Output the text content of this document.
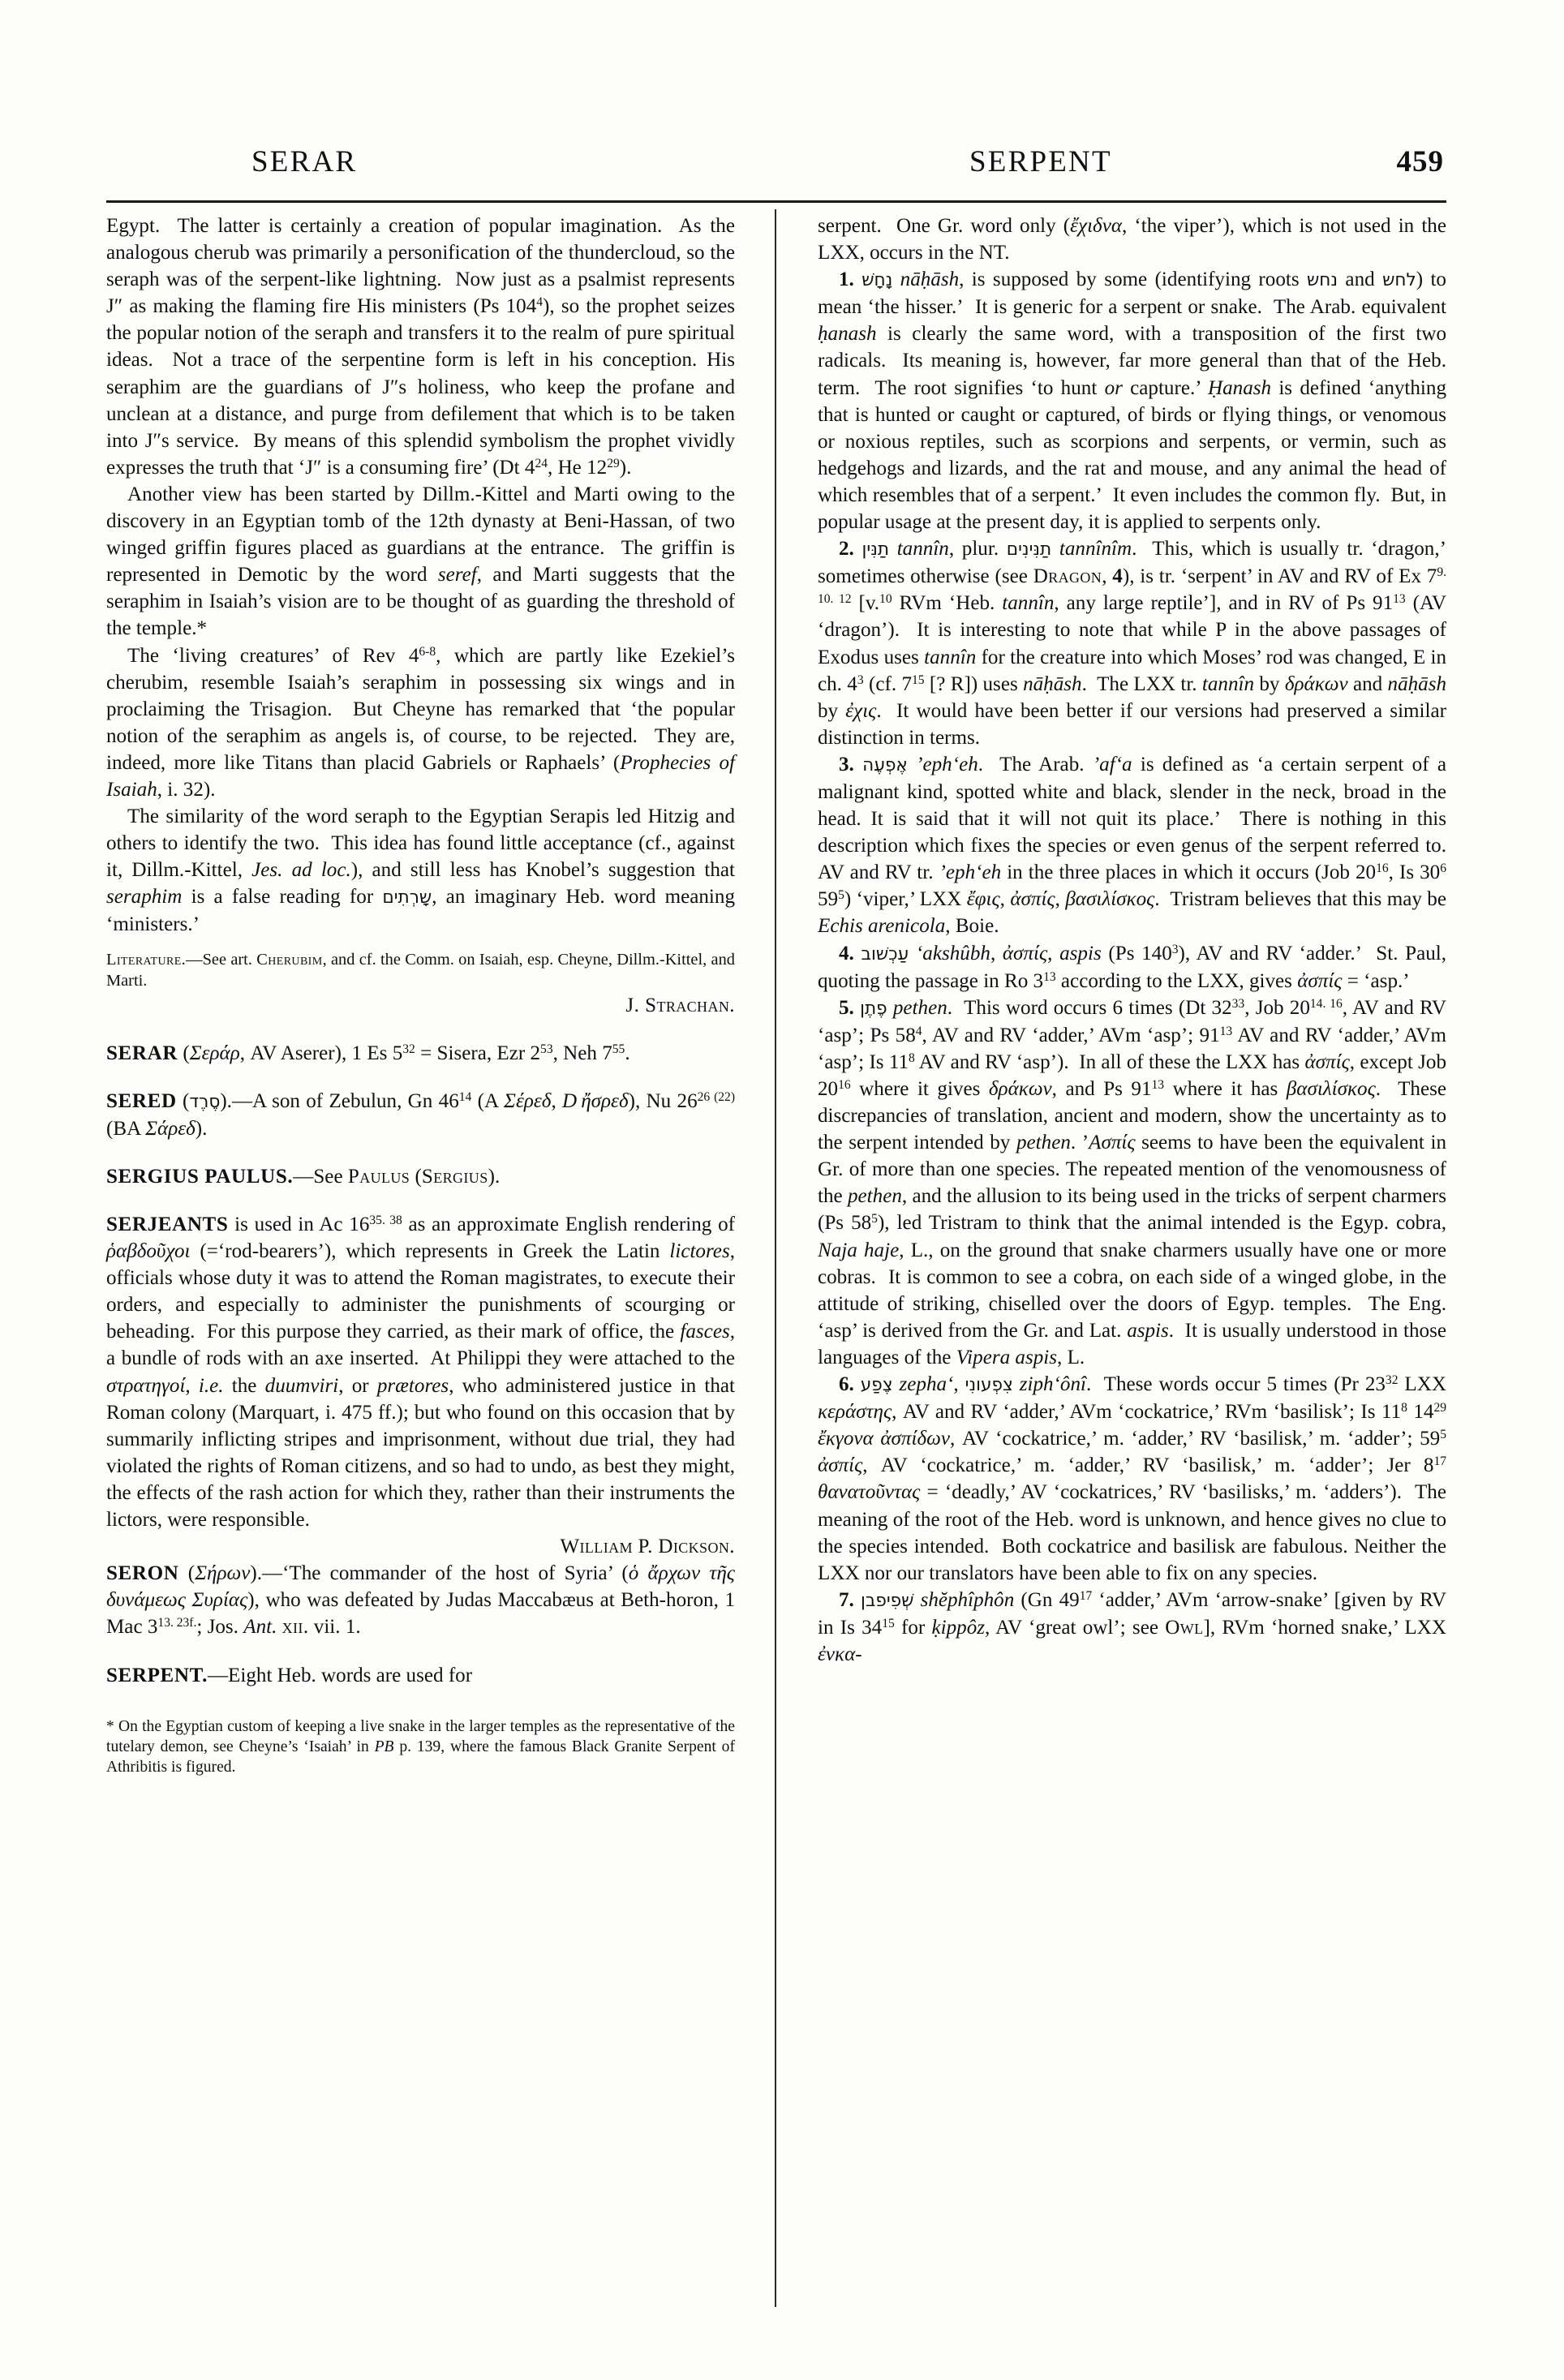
SERAR	SERPENT	459

Egypt.  The latter is certainly a creation of popular imagination.  As the analogous cherub was primarily a personification of the thundercloud, so the seraph was of the serpent-like lightning.  Now just as a psalmist represents J″ as making the flaming fire His ministers (Ps $104^4$), so the prophet seizes the popular notion of the seraph and transfers it to the realm of pure spiritual ideas.  Not a trace of the serpentine form is left in his conception. His seraphim are the guardians of J″s holiness, who keep the profane and unclean at a distance, and purge from defilement that which is to be taken into J″s service.  By means of this splendid symbolism the prophet vividly expresses the truth that ‘J″ is a consuming fire’ (Dt $4^{24}$, He $12^{29}$).

Another view has been started by Dillm.-Kittel and Marti owing to the discovery in an Egyptian tomb of the 12th dynasty at Beni-Hassan, of two winged griffin figures placed as guardians at the entrance.  The griffin is represented in Demotic by the word seref, and Marti suggests that the seraphim in Isaiah’s vision are to be thought of as guarding the threshold of the temple.*

The ‘living creatures’ of Rev 4$^{6-8}$, which are partly like Ezekiel’s cherubim, resemble Isaiah’s seraphim in possessing six wings and in proclaiming the Trisagion.  But Cheyne has remarked that ‘the popular notion of the seraphim as angels is, of course, to be rejected.  They are, indeed, more like Titans than placid Gabriels or Raphaels’ (Prophecies of Isaiah, i. 32).

The similarity of the word seraph to the Egyptian Serapis led Hitzig and others to identify the two.  This idea has found little acceptance (cf., against it, Dillm.-Kittel, Jes. ad loc.), and still less has Knobel’s suggestion that seraphim is a false reading for שָרְתִים, an imaginary Heb. word meaning ‘ministers.’

Literature.—See art. Cherubim, and cf. the Comm. on Isaiah, esp. Cheyne, Dillm.-Kittel, and Marti.

J. Strachan.

SERAR (Σεράρ, AV Aserer), 1 Es $5^{32}$ = Sisera, Ezr $2^{53}$, Neh $7^{55}$.

SERED (סֶרֶד).—A son of Zebulun, Gn $46^{14}$ (A Σέρεδ, D  ἤσρεδ), Nu $26^{26 (22)}$ (BA Σάρεδ).

SERGIUS PAULUS.—See Paulus (Sergius).

SERJEANTS is used in Ac $16^{35. 38}$ as an approximate English rendering of ῥαβδοῦχοι (=‘rod-bearers’), which represents in Greek the Latin lictores, officials whose duty it was to attend the Roman magistrates, to execute their orders, and especially to administer the punishments of scourging or beheading.  For this purpose they carried, as their mark of office, the fasces, a bundle of rods with an axe inserted.  At Philippi they were attached to the στρατηγοί, i.e. the duumviri, or prætores, who administered justice in that Roman colony (Marquart, i. 475 ff.); but who found on this occasion that by summarily inflicting stripes and imprisonment, without due trial, they had violated the rights of Roman citizens, and so had to undo, as best they might, the effects of the rash action for which they, rather than their instruments the lictors, were responsible.

William P. Dickson.

SERON (Σήρων).—‘The commander of the host of Syria’ (ὁ ἄρχων τῆς δυνάμεως Συρίας), who was defeated by Judas Maccabæus at Beth-horon, 1 Mac $3^{13. 23f.}$; Jos. Ant. xii. vii. 1.

SERPENT.—Eight Heb. words are used for

* On the Egyptian custom of keeping a live snake in the larger temples as the representative of the tutelary demon, see Cheyne’s ‘Isaiah’ in PB p. 139, where the famous Black Granite Serpent of Athribitis is figured.

serpent.  One Gr. word only (ἔχιδνα, ‘the viper’), which is not used in the LXX, occurs in the NT.

1. נָחָשׁ nāḥāsh, is supposed by some (identifying roots נחש and לחש) to mean ‘the hisser.’  It is generic for a serpent or snake.  The Arab. equivalent ḥanash is clearly the same word, with a transposition of the first two radicals.  Its meaning is, however, far more general than that of the Heb. term.  The root signifies ‘to hunt or capture.’ Ḥanash is defined ‘anything that is hunted or caught or captured, of birds or flying things, or venomous or noxious reptiles, such as scorpions and serpents, or vermin, such as hedgehogs and lizards, and the rat and mouse, and any animal the head of which resembles that of a serpent.’  It even includes the common fly.  But, in popular usage at the present day, it is applied to serpents only.

2. תַנִּין tannîn, plur. תַנִּינִים tannînîm.  This, which is usually tr. ‘dragon,’ sometimes otherwise (see Dragon, 4), is tr. ‘serpent’ in AV and RV of Ex $7^{9. 10. 12}$ [v.$^{10}$ RVm ‘Heb. tannîn, any large reptile’], and in RV of Ps $91^{13}$ (AV ‘dragon’).  It is interesting to note that while P in the above passages of Exodus uses tannîn for the creature into which Moses’ rod was changed, E in ch. $4^3$ (cf. $7^{15}$ [? R]) uses nāḥāsh.  The LXX tr. tannîn by δράκων and nāḥāsh by ἐχις.  It would have been better if our versions had preserved a similar distinction in terms.

3. אֶפְעֶה ’eph‘eh.  The Arab. ’af‘a is defined as ‘a certain serpent of a malignant kind, spotted white and black, slender in the neck, broad in the head. It is said that it will not quit its place.’  There is nothing in this description which fixes the species or even genus of the serpent referred to. AV and RV tr. ’eph‘eh in the three places in which it occurs (Job $20^{16}$, Is $30^6$ $59^5$) ‘viper,’ LXX ἔφις, ἀσπίς, βασιλίσκος.  Tristram believes that this may be Echis arenicola, Boie.

4. עַכְשׁוב ‘akshûbh, ἀσπίς, aspis (Ps $140^3$), AV and RV ‘adder.’  St. Paul, quoting the passage in Ro $3^{13}$ according to the LXX, gives ἀσπίς = ‘asp.’

5. פֶתֶן pethen.  This word occurs 6 times (Dt $32^{33}$, Job $20^{14. 16}$, AV and RV ‘asp’; Ps $58^4$, AV and RV ‘adder,’ AVm ‘asp’; $91^{13}$ AV and RV ‘adder,’ AVm ‘asp’; Is $11^8$ AV and RV ‘asp’).  In all of these the LXX has ἀσπίς, except Job $20^{16}$ where it gives δράκων, and Ps $91^{13}$ where it has βασιλίσκος.  These discrepancies of translation, ancient and modern, show the uncertainty as to the serpent intended by pethen. ’Ασπίς seems to have been the equivalent in Gr. of more than one species. The repeated mention of the venomousness of the pethen, and the allusion to its being used in the tricks of serpent charmers (Ps $58^5$), led Tristram to think that the animal intended is the Egyp. cobra, Naja haje, L., on the ground that snake charmers usually have one or more cobras.  It is common to see a cobra, on each side of a winged globe, in the attitude of striking, chiselled over the doors of Egyp. temples.  The Eng. ‘asp’ is derived from the Gr. and Lat. aspis.  It is usually understood in those languages of the Vipera aspis, L.

6. צֶפַע zepha‘, צִפְעונִי ziph‘ônî.  These words occur 5 times (Pr $23^{32}$ LXX κεράστης, AV and RV ‘adder,’ AVm ‘cockatrice,’ RVm ‘basilisk’; Is $11^8$ $14^{29}$ ἔκγονα ἀσπίδων, AV ‘cockatrice,’ m. ‘adder,’ RV ‘basilisk,’ m. ‘adder’; $59^5$ ἀσπίς, AV ‘cockatrice,’ m. ‘adder,’ RV ‘basilisk,’ m. ‘adder’; Jer $8^{17}$ θανατοῦντας = ‘deadly,’ AV ‘cockatrices,’ RV ‘basilisks,’ m. ‘adders’).  The meaning of the root of the Heb. word is unknown, and hence gives no clue to the species intended.  Both cockatrice and basilisk are fabulous. Neither the LXX nor our translators have been able to fix on any species.

7. שְׁפִיפבן shĕphîphôn (Gn $49^{17}$ ‘adder,’ AVm ‘arrow-snake’ [given by RV in Is $34^{15}$ for ḳippôz, AV ‘great owl’; see Owl], RVm ‘horned snake,’ LXX ἐνκα-
